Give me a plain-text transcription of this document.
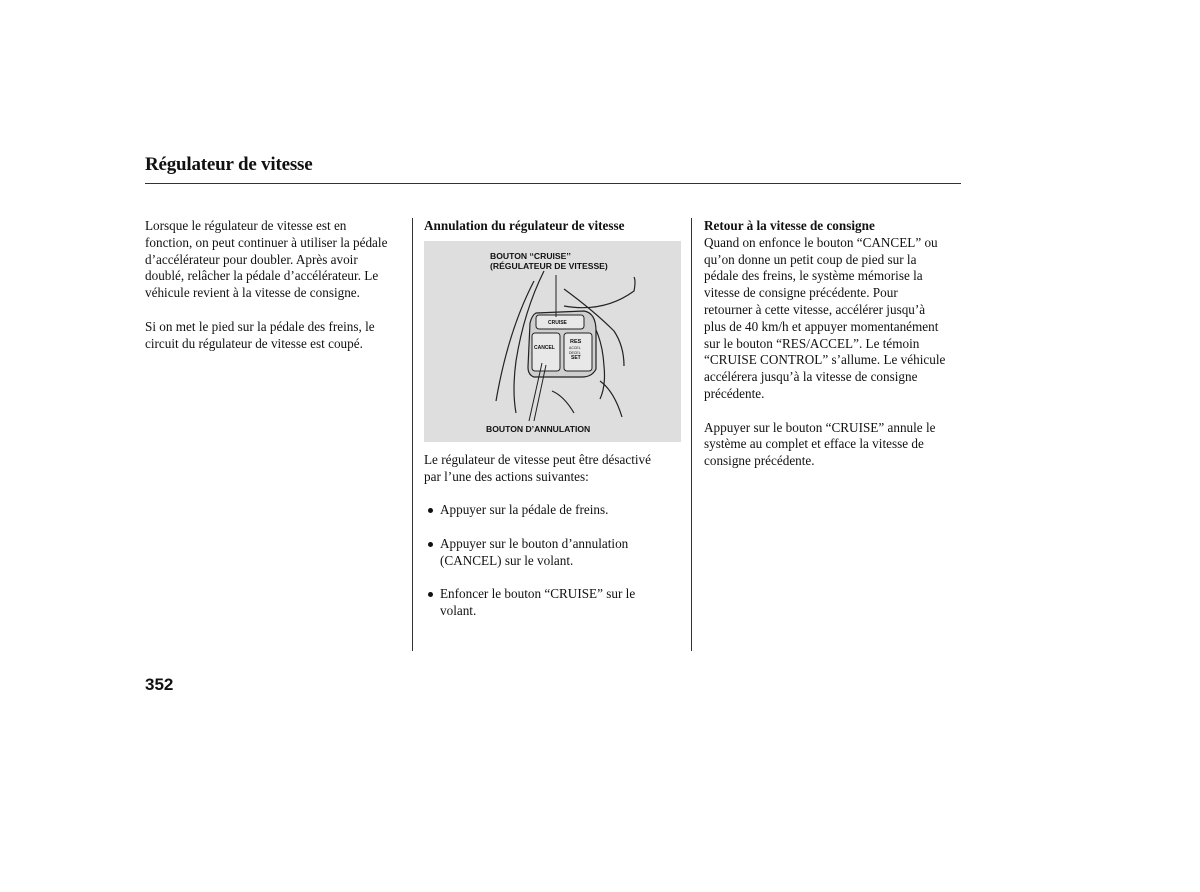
Régulateur de vitesse

Lorsque le régulateur de vitesse est en
fonction, on peut continuer à utiliser la pédale
d’accélérateur pour doubler. Après avoir
doublé, relâcher la pédale d’accélérateur. Le
véhicule revient à la vitesse de consigne.

Si on met le pied sur la pédale des freins, le
circuit du régulateur de vitesse est coupé.

Annulation du régulateur de vitesse

BOUTON ‘‘CRUISE’’
(RÉGULATEUR DE VITESSE)
CRUISE
CANCEL
RES
ACCEL
SET
DECEL
BOUTON D’ANNULATION

Le régulateur de vitesse peut être désactivé
par l’une des actions suivantes:

Appuyer sur la pédale de freins.
Appuyer sur le bouton d’annulation
(CANCEL) sur le volant.
Enfoncer le bouton “CRUISE” sur le
volant.

Retour à la vitesse de consigne

Quand on enfonce le bouton “CANCEL” ou
qu’on donne un petit coup de pied sur la
pédale des freins, le système mémorise la
vitesse de consigne précédente. Pour
retourner à cette vitesse, accélérer jusqu’à
plus de 40 km/h et appuyer momentanément
sur le bouton “RES/ACCEL”. Le témoin
“CRUISE CONTROL” s’allume. Le véhicule
accélérera jusqu’à la vitesse de consigne
précédente.

Appuyer sur le bouton “CRUISE” annule le
système au complet et efface la vitesse de
consigne précédente.

352
